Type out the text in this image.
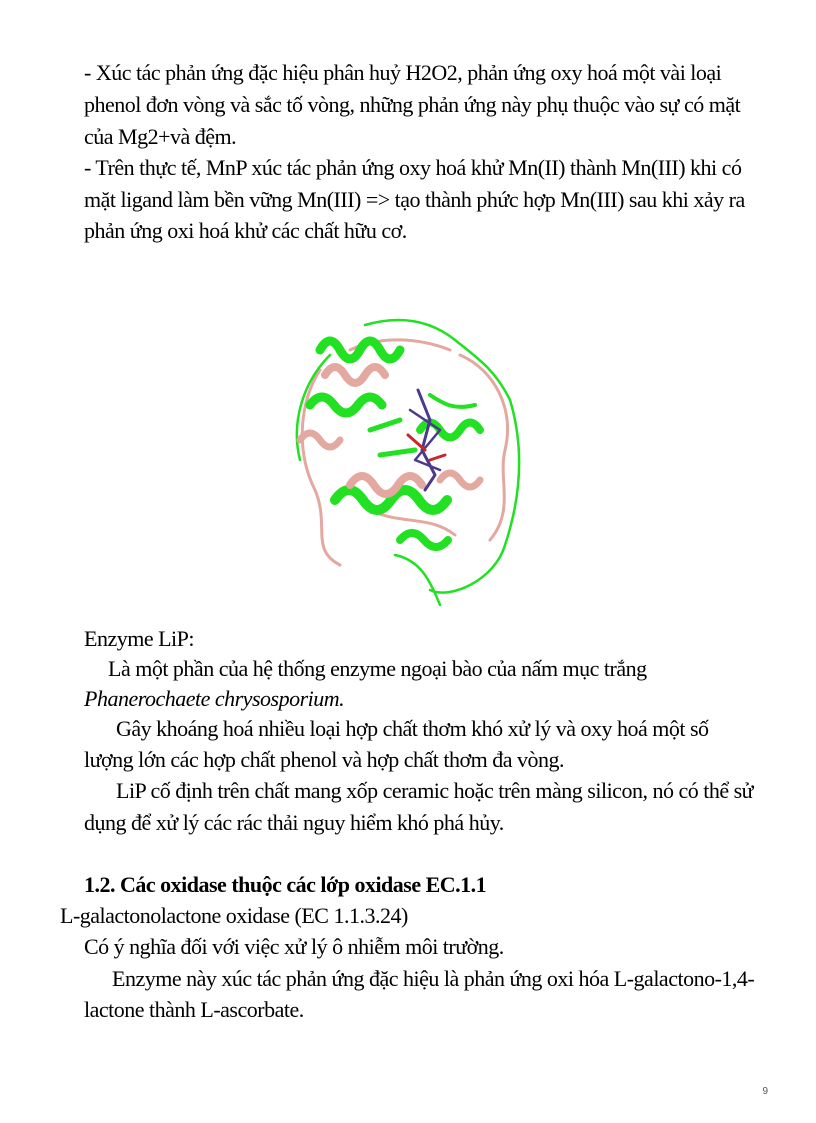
- Xúc tác phản ứng đặc hiệu phân huỷ H2O2, phản ứng oxy hoá một vài loại
phenol đơn vòng và sắc tố vòng, những phản ứng này phụ thuộc vào sự có mặt
của Mg2+và đệm.
- Trên thực tế, MnP xúc tác phản ứng oxy hoá khử Mn(II) thành Mn(III) khi có
mặt ligand làm bền vững Mn(III) => tạo thành phức hợp Mn(III) sau khi xảy ra
phản ứng oxi hoá khử các chất hữu cơ.
Enzyme LiP:
Là một phần của hệ thống enzyme ngoại bào của nấm mục trắng
Phanerochaete chrysosporium.
Gây khoáng hoá nhiều loại hợp chất thơm khó xử lý và oxy hoá một số
lượng lớn các hợp chất phenol và hợp chất thơm đa vòng.
LiP cố định trên chất mang xốp ceramic hoặc trên màng silicon, nó có thể sử
dụng để xử lý các rác thải nguy hiểm khó phá hủy.
1.2. Các oxidase thuộc các lớp oxidase EC.1.1
L-galactonolactone oxidase (EC 1.1.3.24)
Có ý nghĩa đối với việc xử lý ô nhiễm môi trường.
Enzyme này xúc tác phản ứng đặc hiệu là phản ứng oxi hóa L-galactono-1,4-
lactone thành L-ascorbate.
9
